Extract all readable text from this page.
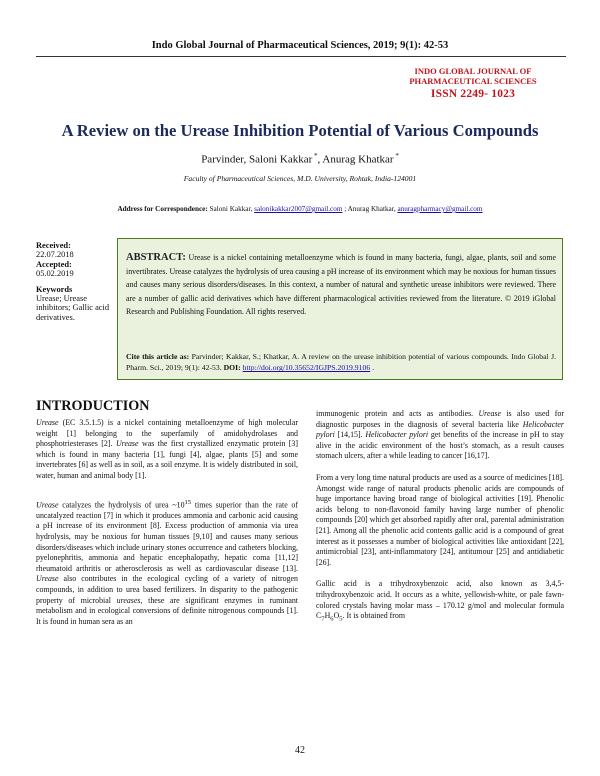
Indo Global Journal of Pharmaceutical Sciences, 2019; 9(1): 42-53
INDO GLOBAL JOURNAL OF
PHARMACEUTICAL SCIENCES
ISSN 2249- 1023
A Review on the Urease Inhibition Potential of Various Compounds
Parvinder, Saloni Kakkar *, Anurag Khatkar *
Faculty of Pharmaceutical Sciences, M.D. University, Rohtak, India-124001
Address for Correspondence: Saloni Kakkar, salonikakkar2007@gmail.com ; Anurag Khatkar, anuragpharmacy@gmail.com
Received:
22.07.2018
Accepted:
05.02.2019
Keywords
Urease; Urease inhibitors; Gallic acid derivatives.
ABSTRACT: Urease is a nickel containing metalloenzyme which is found in many bacteria, fungi, algae, plants, soil and some invertibrates. Urease catalyzes the hydrolysis of urea causing a pH increase of its environment which may be noxious for human tissues and causes many serious disorders/diseases. In this context, a number of natural and synthetic urease inhibitors were reviewed. There are a number of gallic acid derivatives which have different pharmacological activities reviewed from the literature. © 2019 iGlobal Research and Publishing Foundation. All rights reserved.
Cite this article as: Parvinder; Kakkar, S.; Khatkar, A. A review on the urease inhibition potential of various compounds. Indo Global J. Pharm. Sci., 2019; 9(1): 42-53. DOI: http://doi.org/10.35652/IGJPS.2019.9106 .
INTRODUCTION

Urease (EC 3.5.1.5) is a nickel containing metalloenzyme of high molecular weight [1] belonging to the superfamily of amidohydrolases and phosphotriesterases [2]. Urease was the first crystallized enzymatic protein [3] which is found in many bacteria [1], fungi [4], algae, plants [5] and some invertebrates [6] as well as in soil, as a soil enzyme. It is widely distributed in soil, water, human and animal body [1].

Urease catalyzes the hydrolysis of urea $\sim 10^{15}$ times superior than the rate of uncatalyzed reaction [7] in which it produces ammonia and carbonic acid causing a pH increase of its environment [8]. Excess production of ammonia via urea hydrolysis, may be noxious for human tissues [9,10] and causes many serious disorders/diseases which include urinary stones occurrence and catheters blocking, pyelonephritis, ammonia and hepatic encephalopathy, hepatic coma [11,12] rheumatoid arthritis or atherosclerosis as well as cardiovascular disease [13]. Urease also contributes in the ecological cycling of a variety of nitrogen compounds, in addition to urea based fertilizers. In disparity to the pathogenic property of microbial ureases, these are significant enzymes in ruminant metabolism and in ecological conversions of definite nitrogenous compounds [1]. It is found in human sera as an

immunogenic protein and acts as antibodies. Urease is also used for diagnostic purposes in the diagnosis of several bacteria like Helicobacter pylori [14,15]. Helicobacter pylori get benefits of the increase in pH to stay alive in the acidic environment of the host’s stomach, as a result causes stomach ulcers, after a while leading to cancer [16,17].

From a very long time natural products are used as a source of medicines [18]. Amongst wide range of natural products phenolic acids are compounds of huge importance having broad range of biological activities [19]. Phenolic acids belong to non-flavonoid family having large number of phenolic compounds [20] which get absorbed rapidly after oral, parental administration [21]. Among all the phenolic acid contents gallic acid is a compound of great interest as it possesses a number of biological activities like antioxidant [22], antimicrobial [23], anti-inflammatory [24], antitumour [25] and antidiabetic [26].

Gallic acid is a trihydroxybenzoic acid, also known as 3,4,5-trihydroxybenzoic acid. It occurs as a white, yellowish-white, or pale fawn-colored crystals having molar mass – 170.12 g/mol and molecular formula $C_7H_6O_5$. It is obtained from

42
